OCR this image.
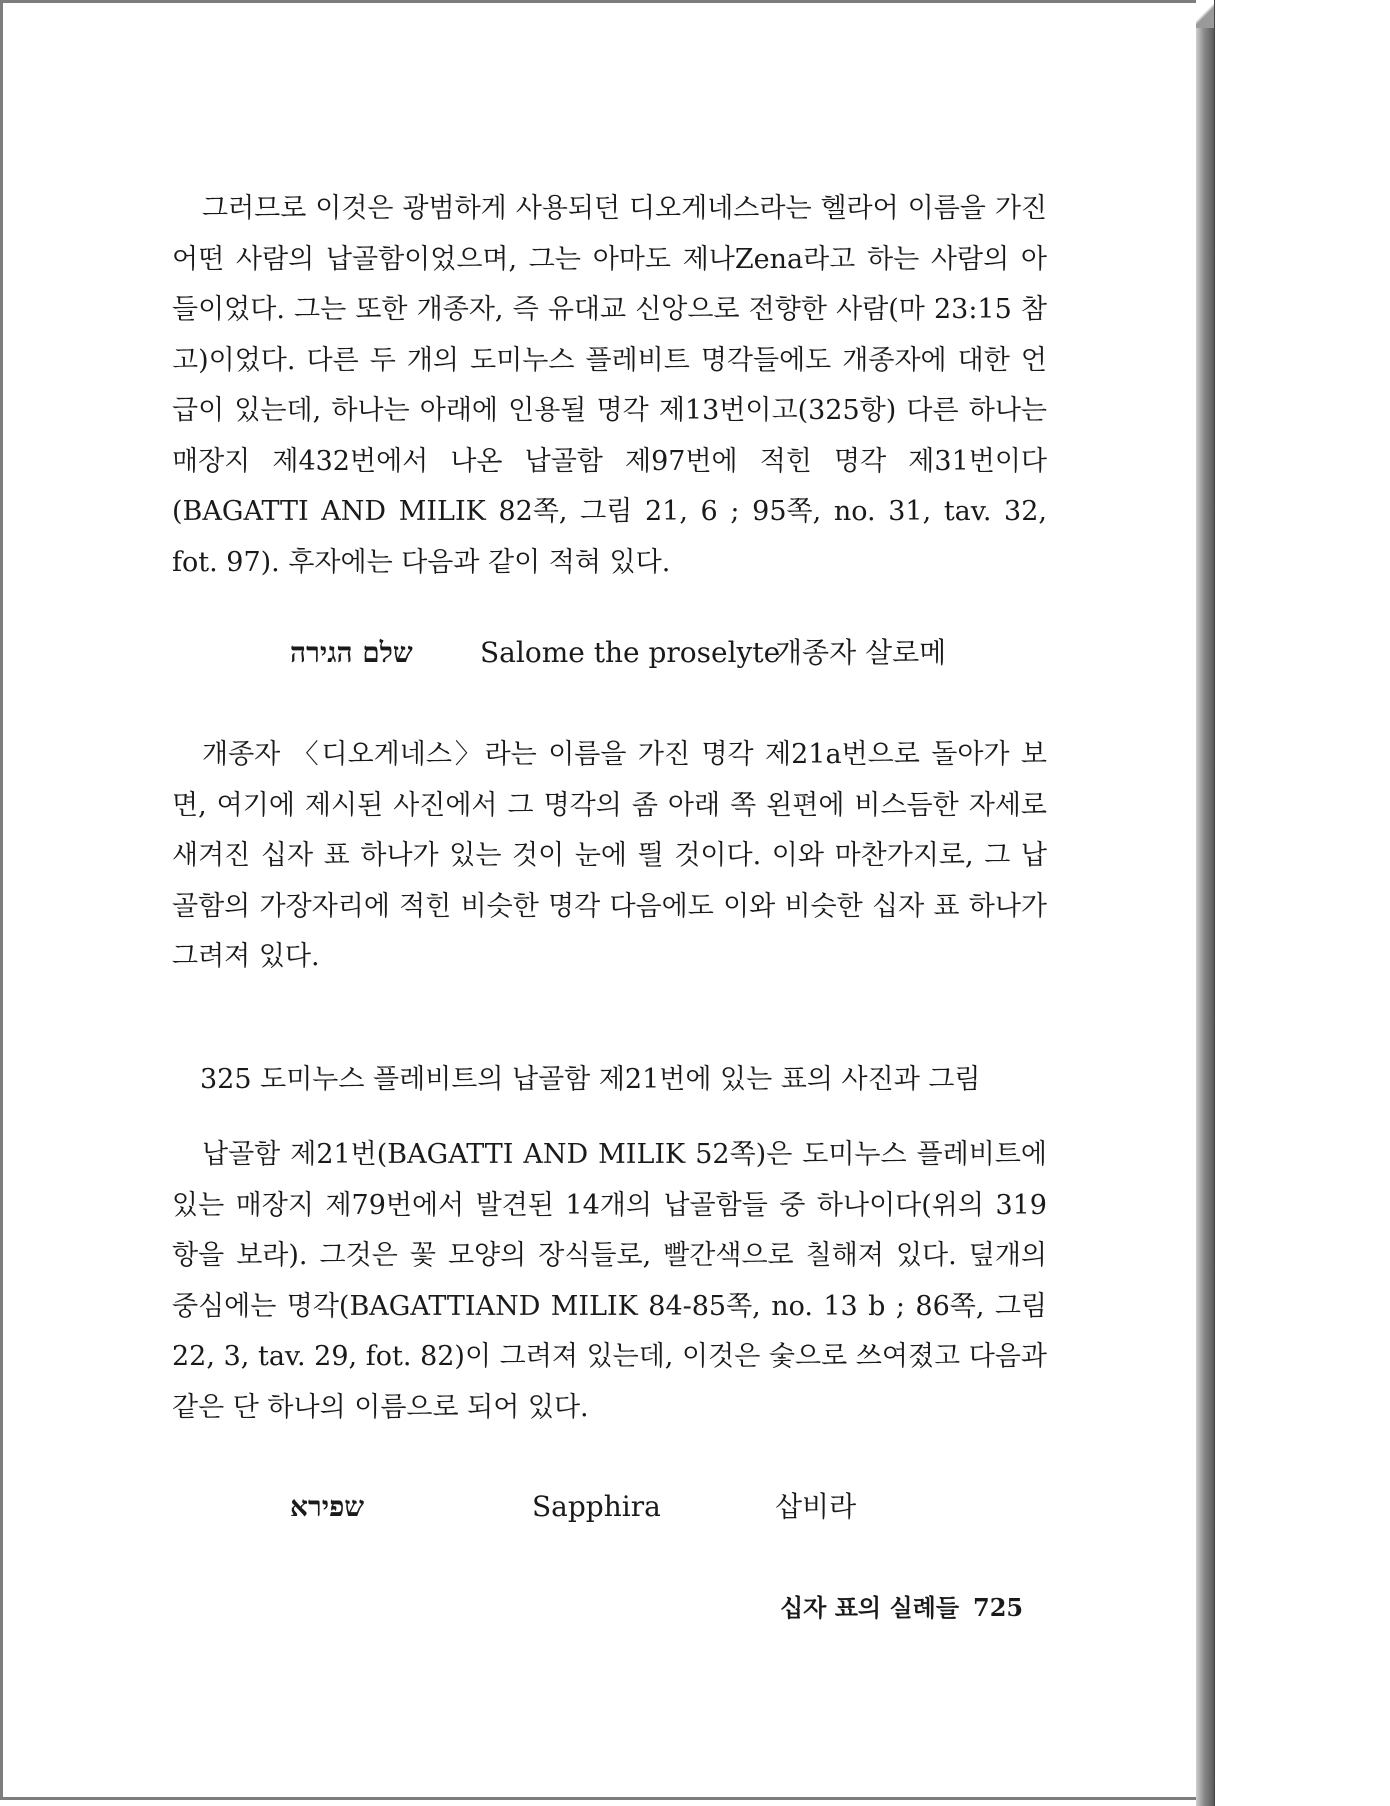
그러므로 이것은 광범하게 사용되던 디오게네스라는 헬라어 이름을 가진 어떤 사람의 납골함이었으며, 그는 아마도 제나Zena라고 하는 사람의 아들이었다. 그는 또한 개종자, 즉 유대교 신앙으로 전향한 사람(마 23:15 참고)이었다. 다른 두 개의 도미누스 플레비트 명각들에도 개종자에 대한 언급이 있는데, 하나는 아래에 인용될 명각 제13번이고(325항) 다른 하나는 매장지 제432번에서 나온 납골함 제97번에 적힌 명각 제31번이다(BAGATTI AND MILIK 82쪽, 그림 21, 6 ; 95쪽, no. 31, tav. 32, fot. 97). 후자에는 다음과 같이 적혀 있다.

שלם הגירה Salome the proselyte
개종자 살로메

개종자 〈디오게네스〉라는 이름을 가진 명각 제21a번으로 돌아가 보면, 여기에 제시된 사진에서 그 명각의 좀 아래 쪽 왼편에 비스듬한 자세로 새겨진 십자 표 하나가 있는 것이 눈에 띌 것이다. 이와 마찬가지로, 그 납골함의 가장자리에 적힌 비슷한 명각 다음에도 이와 비슷한 십자 표 하나가 그려져 있다.

325 도미누스 플레비트의 납골함 제21번에 있는 표의 사진과 그림

납골함 제21번(BAGATTI AND MILIK 52쪽)은 도미누스 플레비트에 있는 매장지 제79번에서 발견된 14개의 납골함들 중 하나이다(위의 319항을 보라). 그것은 꽃 모양의 장식들로, 빨간색으로 칠해져 있다. 덮개의 중심에는 명각(BAGATTIAND MILIK 84-85쪽, no. 13 b ; 86쪽, 그림 22, 3, tav. 29, fot. 82)이 그려져 있는데, 이것은 숯으로 쓰여졌고 다음과 같은 단 하나의 이름으로 되어 있다.

שפירא	Sapphira	삽비라
십자 표의 실례들 725
